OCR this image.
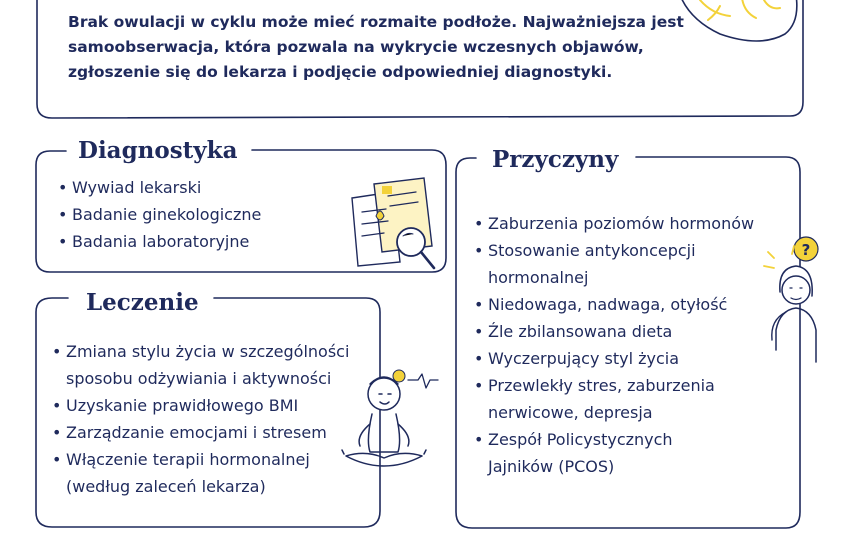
?
Brak owulacji w cyklu może mieć rozmaite podłoże. Najważniejsza jest samoobserwacja, która pozwala na wykrycie wczesnych objawów, zgłoszenie się do lekarza i podjęcie odpowiedniej diagnostyki.
Diagnostyka
• Wywiad lekarski
• Badanie ginekologiczne
• Badania laboratoryjne
Leczenie
• Zmiana stylu życia w szczególności
sposobu odżywiania i aktywności
• Uzyskanie prawidłowego BMI
• Zarządzanie emocjami i stresem
• Włączenie terapii hormonalnej
(według zaleceń lekarza)
Przyczyny
• Zaburzenia poziomów hormonów
• Stosowanie antykoncepcji
hormonalnej
• Niedowaga, nadwaga, otyłość
• Źle zbilansowana dieta
• Wyczerpujący styl życia
• Przewlekły stres, zaburzenia
nerwicowe, depresja
• Zespół Policystycznych
Jajników (PCOS)
